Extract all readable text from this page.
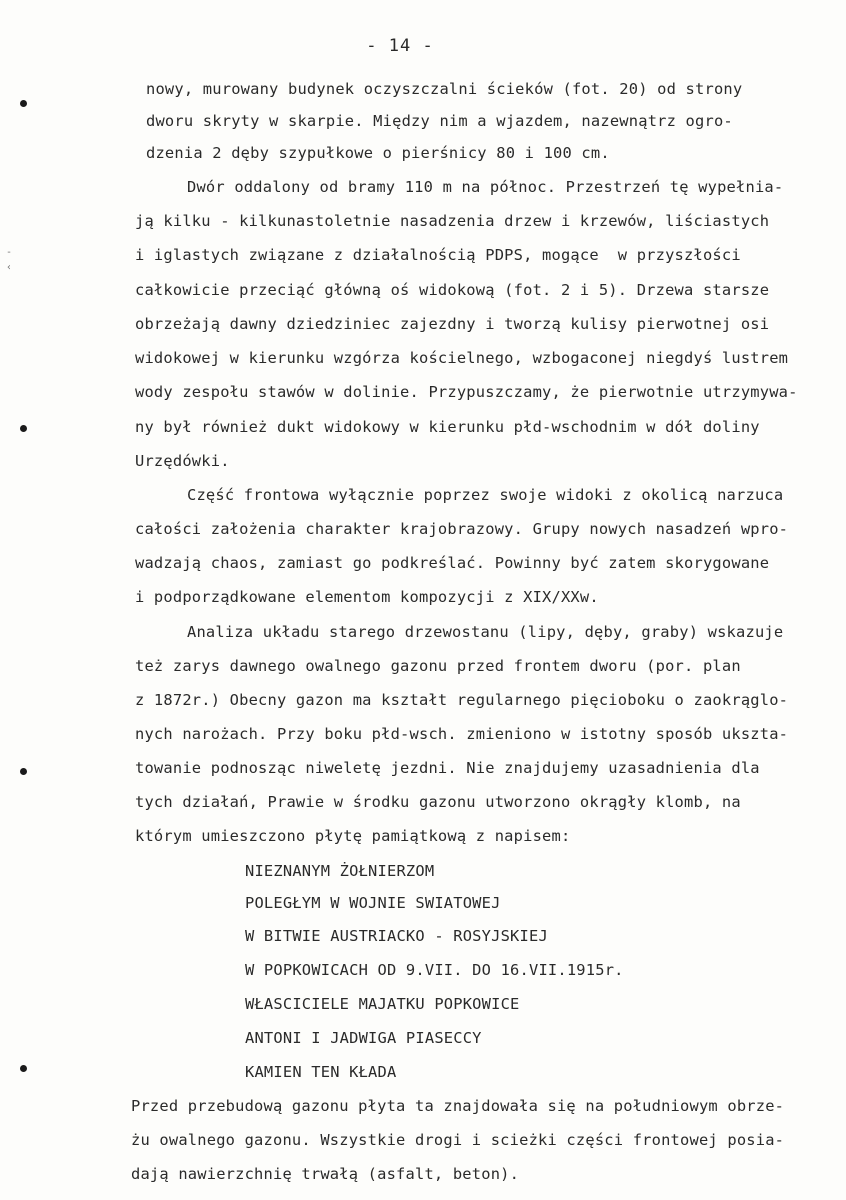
- 14 -
-
‹
nowy, murowany budynek oczyszczalni ścieków (fot. 20) od strony
dworu skryty w skarpie. Między nim a wjazdem, nazewnątrz ogro-
dzenia 2 dęby szypułkowe o pierśnicy 80 i 100 cm.
Dwór oddalony od bramy 110 m na północ. Przestrzeń tę wypełnia-
ją kilku - kilkunastoletnie nasadzenia drzew i krzewów, liściastych
i iglastych związane z działalnością PDPS, mogące  w przyszłości
całkowicie przeciąć główną oś widokową (fot. 2 i 5). Drzewa starsze
obrzeżają dawny dziedziniec zajezdny i tworzą kulisy pierwotnej osi
widokowej w kierunku wzgórza kościelnego, wzbogaconej niegdyś lustrem
wody zespołu stawów w dolinie. Przypuszczamy, że pierwotnie utrzymywa-
ny był również dukt widokowy w kierunku płd-wschodnim w dół doliny
Urzędówki.
Część frontowa wyłącznie poprzez swoje widoki z okolicą narzuca
całości założenia charakter krajobrazowy. Grupy nowych nasadzeń wpro-
wadzają chaos, zamiast go podkreślać. Powinny być zatem skorygowane
i podporządkowane elementom kompozycji z XIX/XXw.
Analiza układu starego drzewostanu (lipy, dęby, graby) wskazuje
też zarys dawnego owalnego gazonu przed frontem dworu (por. plan
z 1872r.) Obecny gazon ma kształt regularnego pięcioboku o zaokrąglo-
nych narożach. Przy boku płd-wsch. zmieniono w istotny sposób ukszta-
towanie podnosząc niweletę jezdni. Nie znajdujemy uzasadnienia dla
tych działań, Prawie w środku gazonu utworzono okrągły klomb, na
którym umieszczono płytę pamiątkową z napisem:
NIEZNANYM ŻOŁNIERZOM
POLEGŁYM W WOJNIE SWIATOWEJ
W BITWIE AUSTRIACKO - ROSYJSKIEJ
W POPKOWICACH OD 9.VII. DO 16.VII.1915r.
WŁASCICIELE MAJATKU POPKOWICE
ANTONI I JADWIGA PIASECCY
KAMIEN TEN KŁADA
Przed przebudową gazonu płyta ta znajdowała się na południowym obrze-
żu owalnego gazonu. Wszystkie drogi i scieżki części frontowej posia-
dają nawierzchnię trwałą (asfalt, beton).
